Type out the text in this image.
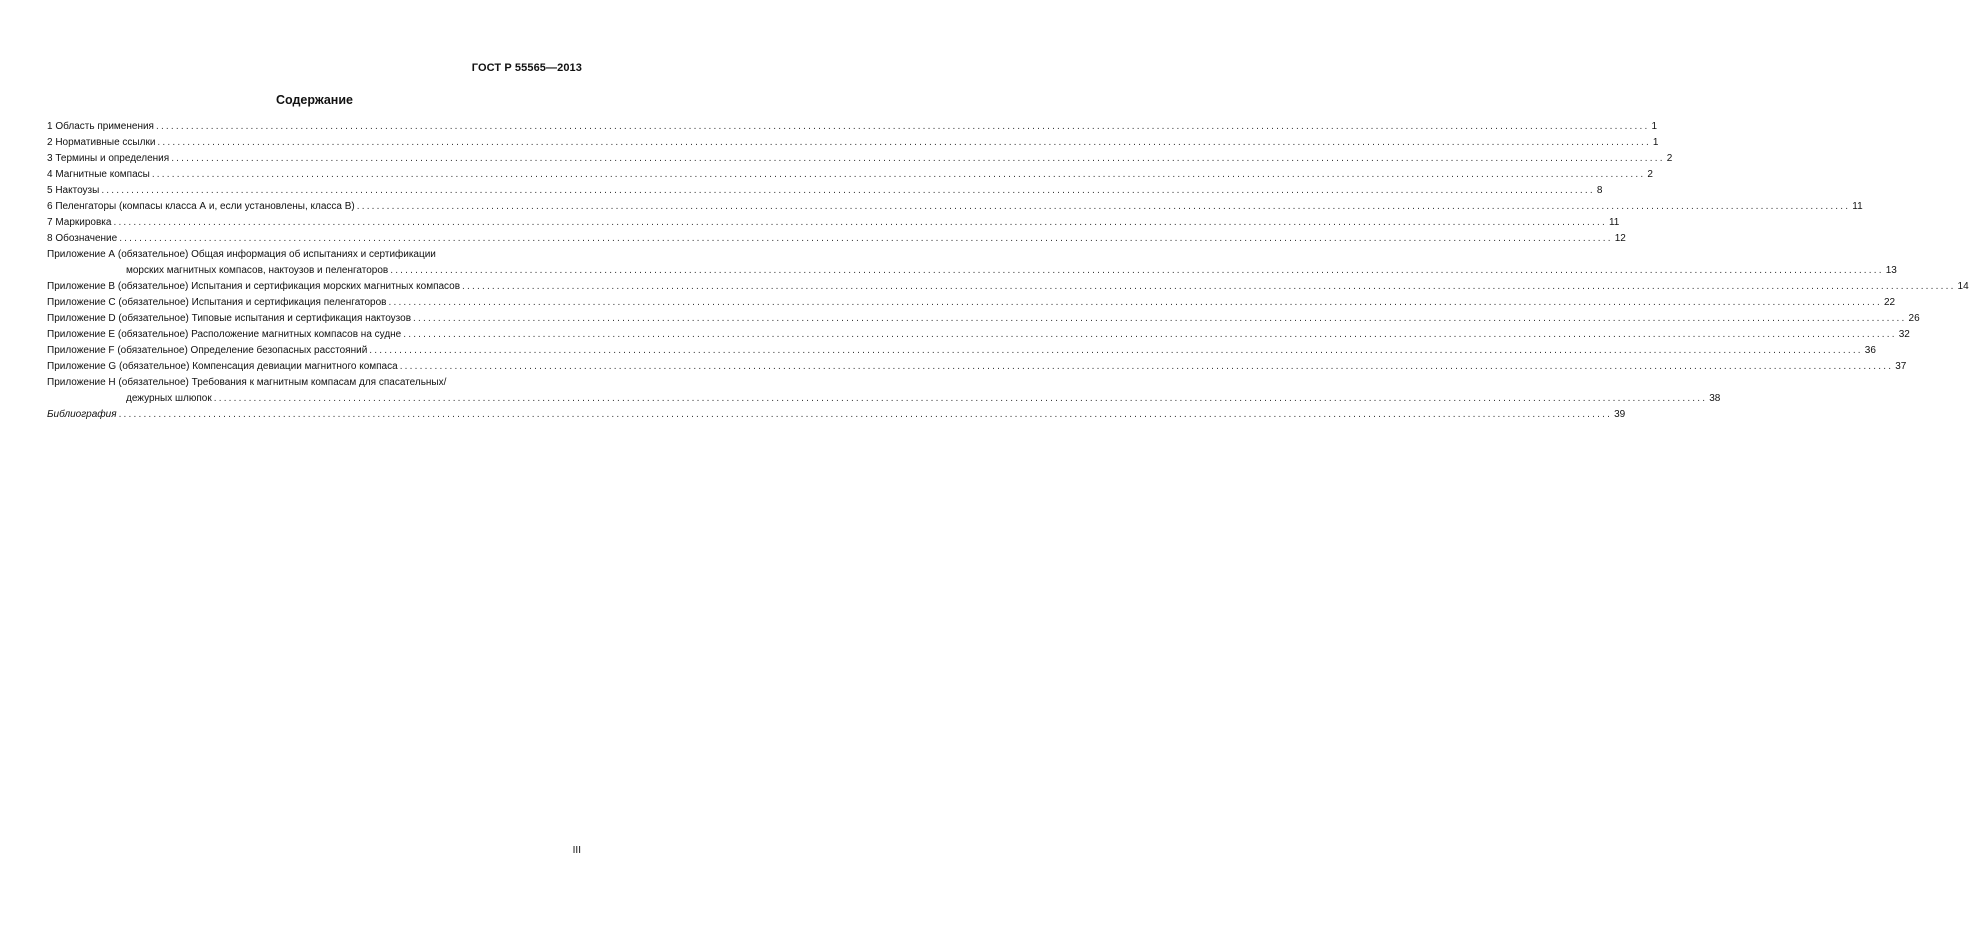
ГОСТ Р 55565—2013
Содержание
1 Область применения ............................................................................................................................................................................................................................................................................................................ 1
2 Нормативные ссылки ............................................................................................................................................................................................................................................................................................................ 1
3 Термины и определения ............................................................................................................................................................................................................................................................................................................ 2
4 Магнитные компасы ............................................................................................................................................................................................................................................................................................................ 2
5 Нактоузы ............................................................................................................................................................................................................................................................................................................ 8
6 Пеленгаторы (компасы класса А и, если установлены, класса В) ............................................................................................................................................................................................................................................................................................................ 11
7 Маркировка ............................................................................................................................................................................................................................................................................................................ 11
8 Обозначение ............................................................................................................................................................................................................................................................................................................ 12
Приложение А (обязательное) Общая информация об испытаниях и сертификации
морских магнитных компасов, нактоузов и пеленгаторов ............................................................................................................................................................................................................................................................................................................ 13
Приложение В (обязательное) Испытания и сертификация морских магнитных компасов ............................................................................................................................................................................................................................................................................................................ 14
Приложение С (обязательное) Испытания и сертификация пеленгаторов ............................................................................................................................................................................................................................................................................................................ 22
Приложение D (обязательное) Типовые испытания и сертификация нактоузов ............................................................................................................................................................................................................................................................................................................ 26
Приложение Е (обязательное) Расположение магнитных компасов на судне ............................................................................................................................................................................................................................................................................................................ 32
Приложение F (обязательное) Определение безопасных расстояний ............................................................................................................................................................................................................................................................................................................ 36
Приложение G (обязательное) Компенсация девиации магнитного компаса ............................................................................................................................................................................................................................................................................................................ 37
Приложение Н (обязательное) Требования к магнитным компасам для спасательных/
дежурных шлюпок ............................................................................................................................................................................................................................................................................................................ 38
Библиография ............................................................................................................................................................................................................................................................................................................ 39
III
